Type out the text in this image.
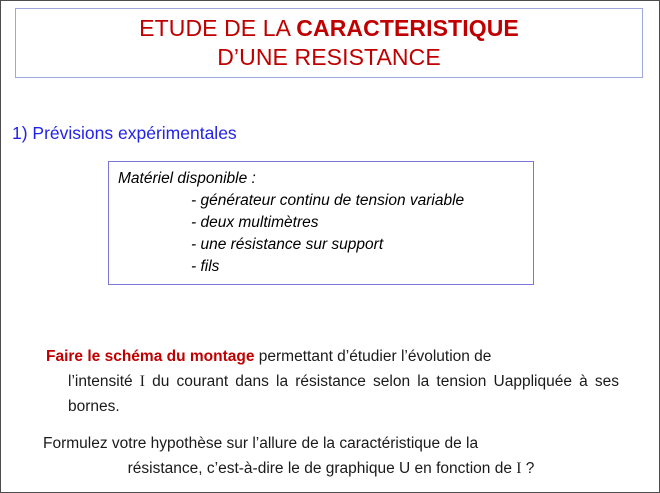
ETUDE DE LA CARACTERISTIQUE
D’UNE RESISTANCE
1) Prévisions expérimentales
Matériel disponible :
- générateur continu de tension variable
- deux multimètres
- une résistance sur support
- fils
Faire le schéma du montage permettant d’étudier l’évolution de
l’intensité I du courant dans la résistance selon la tension Uappliquée à ses bornes.
Formulez votre hypothèse sur l’allure de la caractéristique de la
résistance, c’est-à-dire le de graphique U en fonction de I ?
